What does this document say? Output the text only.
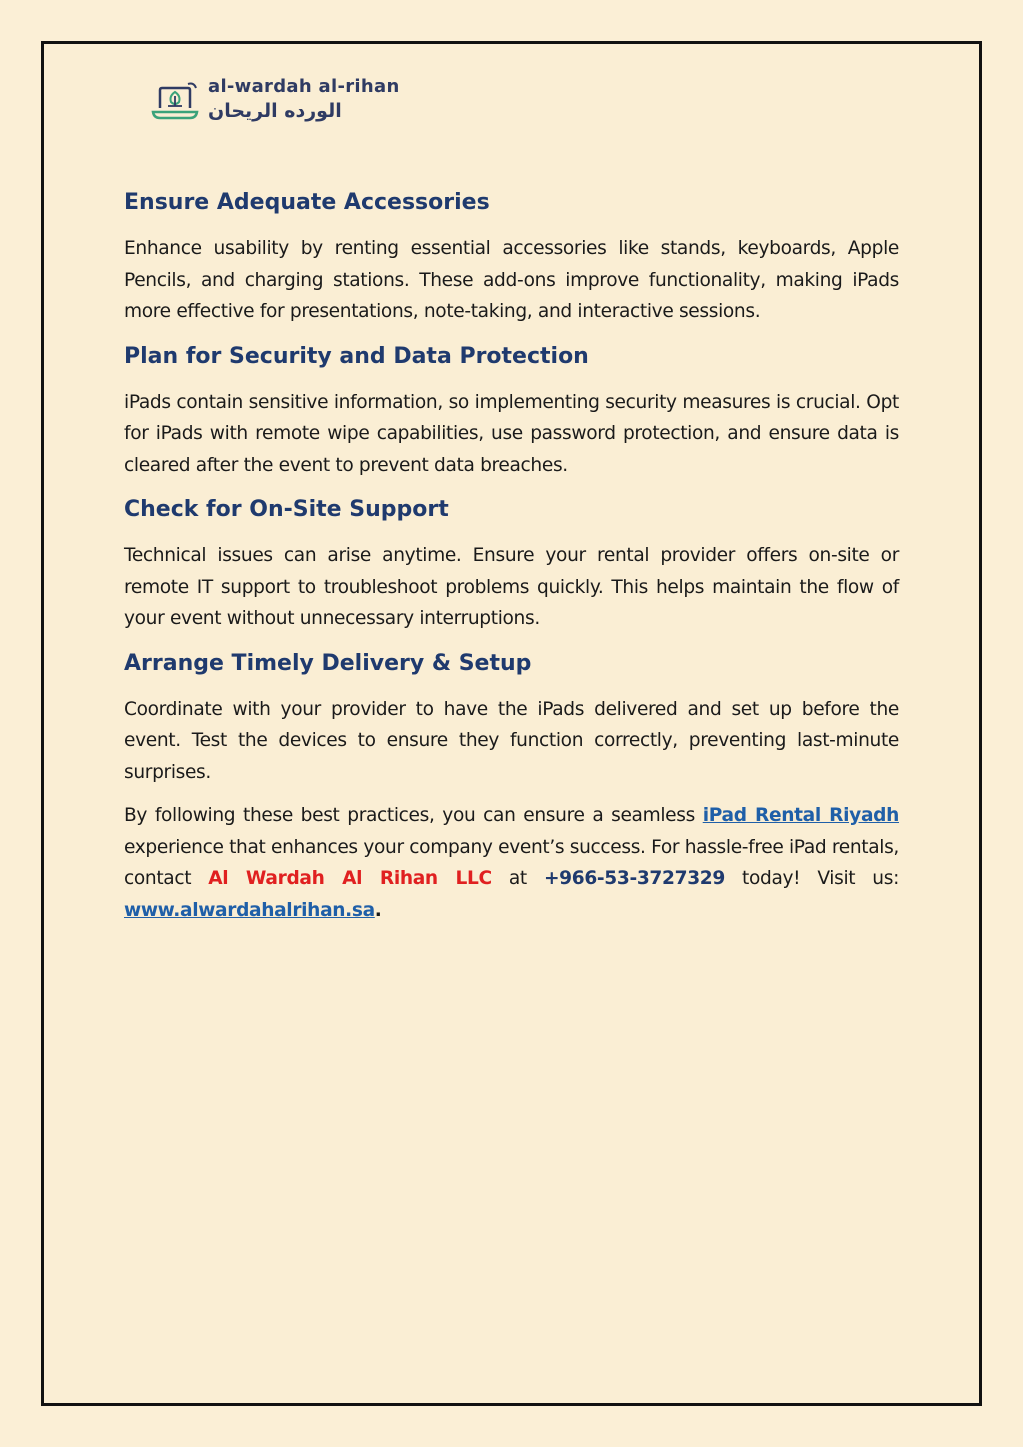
al-wardah al-rihan
الورده الريحان
Ensure Adequate Accessories

Enhance usability by renting essential accessories like stands, keyboards, Apple Pencils, and charging stations. These add-ons improve functionality, making iPads more effective for presentations, note-taking, and interactive sessions.

Plan for Security and Data Protection

iPads contain sensitive information, so implementing security measures is crucial. Opt for iPads with remote wipe capabilities, use password protection, and ensure data is cleared after the event to prevent data breaches.

Check for On-Site Support

Technical issues can arise anytime. Ensure your rental provider offers on-site or remote IT support to troubleshoot problems quickly. This helps maintain the flow of your event without unnecessary interruptions.

Arrange Timely Delivery & Setup

Coordinate with your provider to have the iPads delivered and set up before the event. Test the devices to ensure they function correctly, preventing last-minute surprises.

By following these best practices, you can ensure a seamless iPad Rental Riyadh experience that enhances your company event’s success. For hassle-free iPad rentals, contact Al Wardah Al Rihan LLC at +966-53-3727329 today! Visit us: www.alwardahalrihan.sa.
